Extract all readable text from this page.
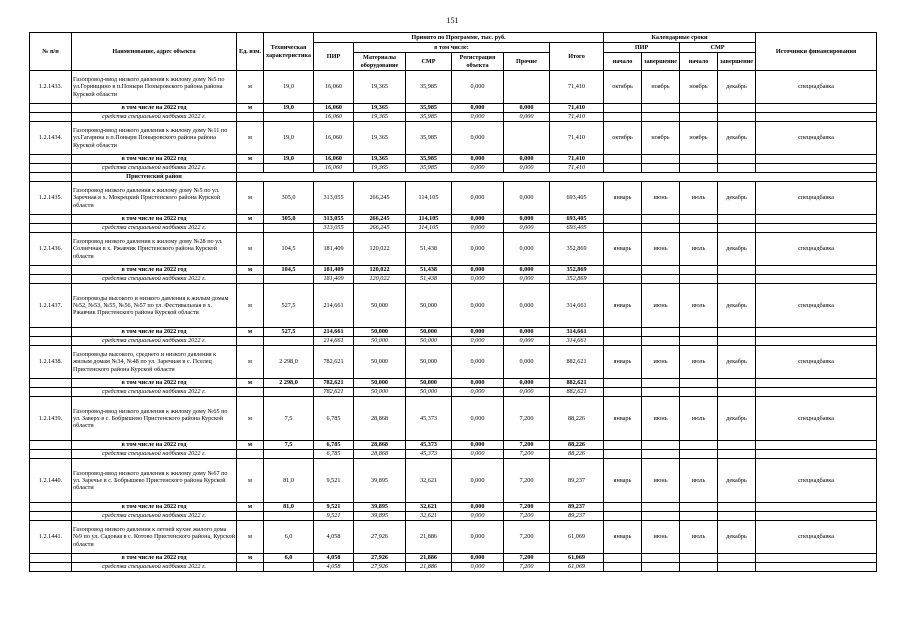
151
№ п/п	Наименование, адрес объекта	Ед. изм.	Техническая характеристика	Принято по Программе, тыс. руб.						Календарные сроки				Источники финансирования
				ПИР	в том числе:				Итого	ПИР		СМР		
					Материалы оборудование	СМР	Регистрация объекта	Прочие		начало	завершение	начало	завершение	
1.2.1433.	Газопровод-ввод низкого давления к жилому дому №5 по ул.Горнищино в п.Поныри Поныровского района района Курской области	м	19,0	16,060	19,365	35,985	0,000		71,410	октябрь	ноябрь	ноябрь	декабрь	спецнадбавка
	в том числе на 2022 год	м	19,0	16,060	19,365	35,985	0,000	0,000	71,410					
	средства специальной надбавки 2022 г.			16,060	19,365	35,985	0,000	0,000	71,410					
1.2.1434.	Газопровод-ввод низкого давления к жилому дому №11 по ул.Гагарина в п.Поныри Поныровского района района Курской области	м	19,0	16,060	19,365	35,985	0,000		71,410	октябрь	ноябрь	ноябрь	декабрь	спецнадбавка
	в том числе на 2022 год	м	19,0	16,060	19,365	35,985	0,000	0,000	71,410					
	средства специальной надбавки 2022 г.			16,060	19,365	35,985	0,000	0,000	71,410					
	Пристенский район													
1.2.1435.	Газопровод низкого давления к жилому дому №5 по ул. Заречная в х. Мокрецкий Пристенского района Курской области	м	305,0	313,055	266,245	114,105	0,000	0,000	693,405	январь	июнь	июль	декабрь	спецнадбавка
	в том числе на 2022 год	м	305,0	313,055	266,245	114,105	0,000	0,000	693,405					
	средства специальной надбавки 2022 г.			313,055	266,245	114,105	0,000	0,000	693,405					
1.2.1436.	Газопровод низкого давления к жилому дому №28 по ул. Солнечная в х. Ржавчик Пристенского района Курской области	м	104,5	181,409	120,022	51,438	0,000	0,000	352,869	январь	июнь	июль	декабрь	спецнадбавка
	в том числе на 2022 год	м	104,5	181,409	120,022	51,438	0,000	0,000	352,869					
	средства специальной надбавки 2022 г.			181,409	120,022	51,438	0,000	0,000	352,869					
1.2.1437.	Газопроводы высокого и низкого давления к жилым домам №52, №53, №55, №56, №57 по ул. Фестивальная в х. Ржавчик Пристенского района Курской области	м	527,5	214,661	50,000	50,000	0,000	0,000	314,661	январь	июнь	июль	декабрь	спецнадбавка
	в том числе на 2022 год	м	527,5	214,661	50,000	50,000	0,000	0,000	314,661					
	средства специальной надбавки 2022 г.			214,661	50,000	50,000	0,000	0,000	314,661					
1.2.1438.	Газопроводы высокого, среднего и низкого давления к жилым домам №34, №48 по ул. Заречная в с. Пселец Пристенского района Курской области	м	2 298,0	782,621	50,000	50,000	0,000	0,000	882,621	январь	июнь	июль	декабрь	спецнадбавка
	в том числе на 2022 год	м	2 298,0	782,621	50,000	50,000	0,000	0,000	882,621					
	средства специальной надбавки 2022 г.			782,621	50,000	50,000	0,000	0,000	882,621					
1.2.1439.	Газопровод-ввод низкого давления к жилому дому №65 по ул. Заверх в с. Бобрышево Пристенского района Курской области	м	7,5	6,785	28,868	45,373	0,000	7,200	88,226	январь	июнь	июль	декабрь	спецнадбавка
	в том числе на 2022 год	м	7,5	6,785	28,868	45,373	0,000	7,200	88,226					
	средства специальной надбавки 2022 г.			6,785	28,868	45,373	0,000	7,200	88,226					
1.2.1440.	Газопровод-ввод низкого давления к жилому дому №67 по ул. Заречье в с. Бобрышево Пристенского района Курской области	м	81,0	9,521	39,895	32,621	0,000	7,200	89,237	январь	июнь	июль	декабрь	спецнадбавка
	в том числе на 2022 год	м	81,0	9,521	39,895	32,621	0,000	7,200	89,237					
	средства специальной надбавки 2022 г.			9,521	39,895	32,621	0,000	7,200	89,237					
1.2.1441.	Газопровод низкого давления к летней кухне жилого дома №9 по ул. Садовая в с. Котово Пристенского района, Курской области	м	6,0	4,058	27,926	21,886	0,000	7,200	61,069	январь	июнь	июль	декабрь	спецнадбавка
	в том числе на 2022 год	м	6,0	4,058	27,926	21,886	0,000	7,200	61,069					
	средства специальной надбавки 2022 г.			4,058	27,926	21,886	0,000	7,200	61,069					
